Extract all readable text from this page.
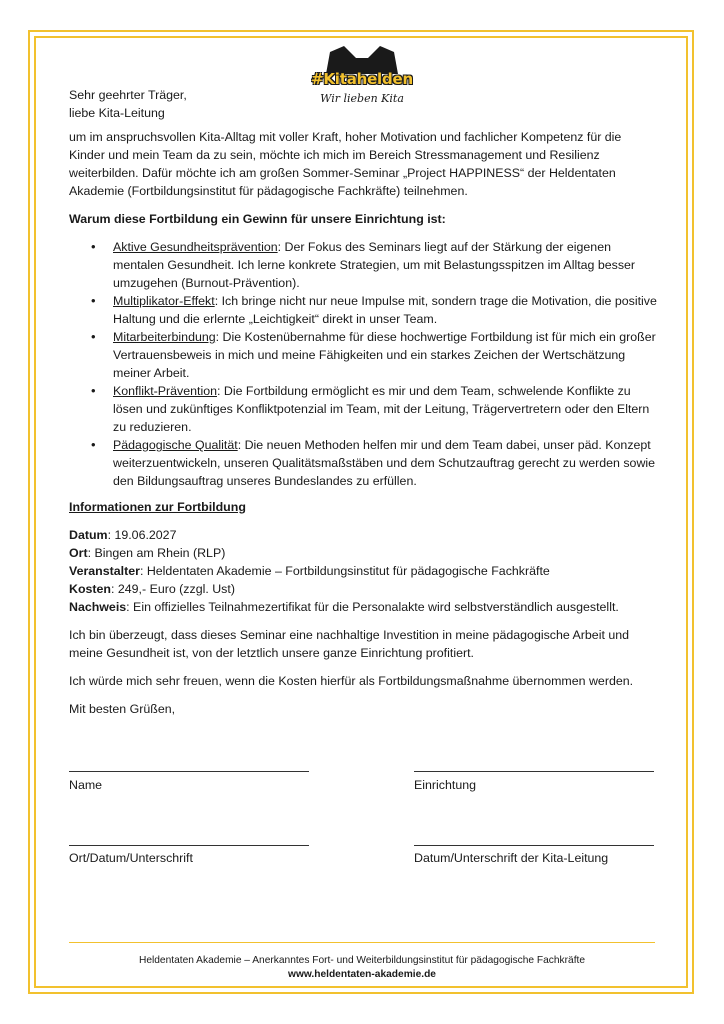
#Kitahelden
Wir lieben Kita

Sehr geehrter Träger,
liebe Kita-Leitung

um im anspruchsvollen Kita-Alltag mit voller Kraft, hoher Motivation und fachlicher Kompetenz für die Kinder und mein Team da zu sein, möchte ich mich im Bereich Stressmanagement und Resilienz weiterbilden. Dafür möchte ich am großen Sommer-Seminar „Project HAPPINESS“ der Heldentaten Akademie (Fortbildungsinstitut für pädagogische Fachkräfte) teilnehmen.

Warum diese Fortbildung ein Gewinn für unsere Einrichtung ist:

• Aktive Gesundheitsprävention: Der Fokus des Seminars liegt auf der Stärkung der eigenen mentalen Gesundheit. Ich lerne konkrete Strategien, um mit Belastungsspitzen im Alltag besser umzugehen (Burnout-Prävention).
• Multiplikator-Effekt: Ich bringe nicht nur neue Impulse mit, sondern trage die Motivation, die positive Haltung und die erlernte „Leichtigkeit“ direkt in unser Team.
• Mitarbeiterbindung: Die Kostenübernahme für diese hochwertige Fortbildung ist für mich ein großer Vertrauensbeweis in mich und meine Fähigkeiten und ein starkes Zeichen der Wertschätzung meiner Arbeit.
• Konflikt-Prävention: Die Fortbildung ermöglicht es mir und dem Team, schwelende Konflikte zu lösen und zukünftiges Konfliktpotenzial im Team, mit der Leitung, Trägervertretern oder den Eltern zu reduzieren.
• Pädagogische Qualität: Die neuen Methoden helfen mir und dem Team dabei, unser päd. Konzept weiterzuentwickeln, unseren Qualitätsmaßstäben und dem Schutzauftrag gerecht zu werden sowie den Bildungsauftrag unseres Bundeslandes zu erfüllen.

Informationen zur Fortbildung

Datum: 19.06.2027

Ort: Bingen am Rhein (RLP)

Veranstalter: Heldentaten Akademie – Fortbildungsinstitut für pädagogische Fachkräfte

Kosten: 249,- Euro (zzgl. Ust)

Nachweis: Ein offizielles Teilnahmezertifikat für die Personalakte wird selbstverständlich ausgestellt.

Ich bin überzeugt, dass dieses Seminar eine nachhaltige Investition in meine pädagogische Arbeit und meine Gesundheit ist, von der letztlich unsere ganze Einrichtung profitiert.

Ich würde mich sehr freuen, wenn die Kosten hierfür als Fortbildungsmaßnahme übernommen werden.

Mit besten Grüßen,

Name	Einrichtung
Ort/Datum/Unterschrift	Datum/Unterschrift der Kita-Leitung
Heldentaten Akademie – Anerkanntes Fort- und Weiterbildungsinstitut für pädagogische Fachkräfte
www.heldentaten-akademie.de
